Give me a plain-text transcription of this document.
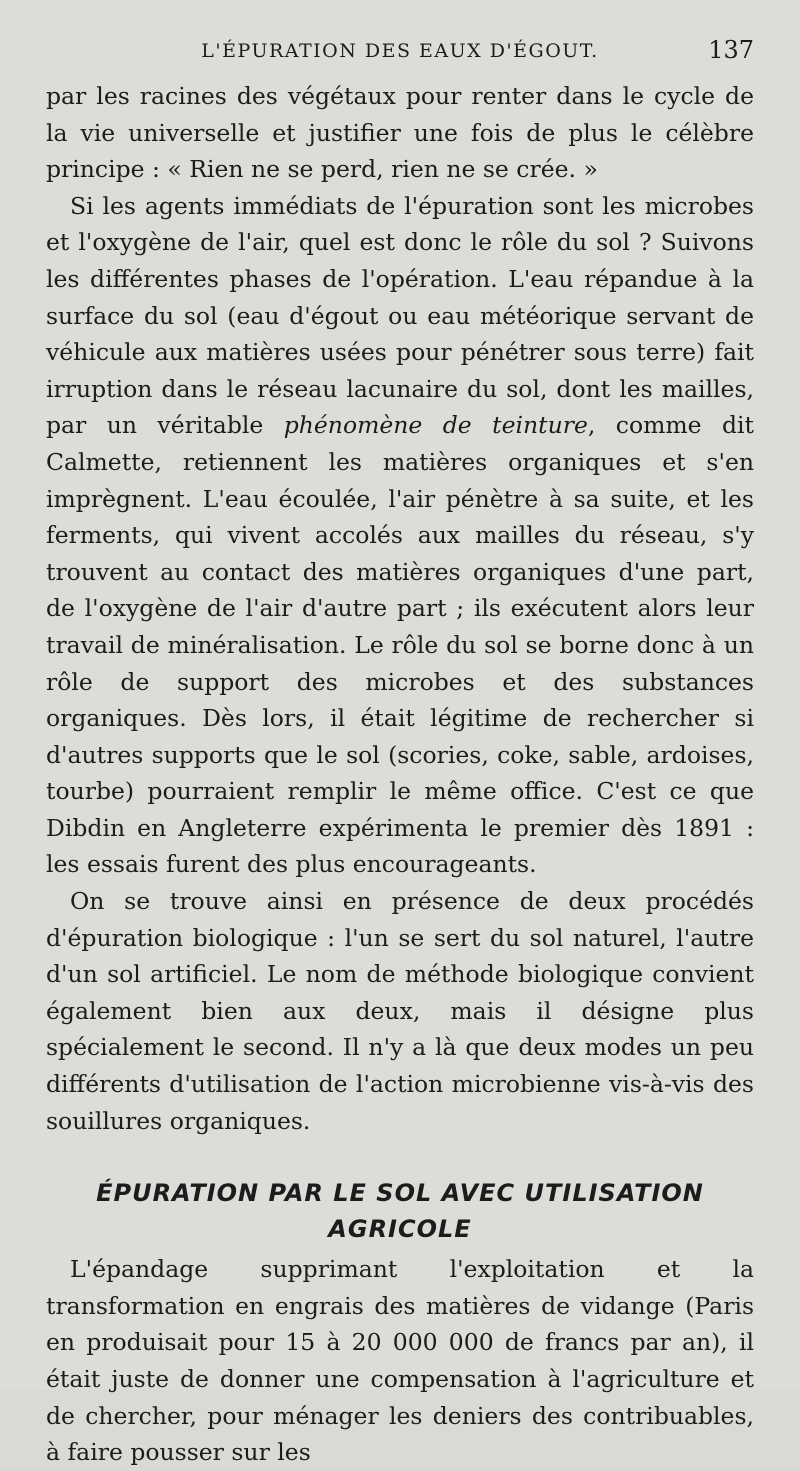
L'ÉPURATION DES EAUX D'ÉGOUT.	137

par les racines des végétaux pour renter dans le cycle de la vie universelle et justifier une fois de plus le célèbre principe : « Rien ne se perd, rien ne se crée. »

Si les agents immédiats de l'épuration sont les microbes et l'oxygène de l'air, quel est donc le rôle du sol ? Suivons les différentes phases de l'opération. L'eau répandue à la surface du sol (eau d'égout ou eau météorique servant de véhicule aux matières usées pour pénétrer sous terre) fait irruption dans le réseau lacunaire du sol, dont les mailles, par un véritable phénomène de teinture, comme dit Calmette, retiennent les matières organiques et s'en imprègnent. L'eau écoulée, l'air pénètre à sa suite, et les ferments, qui vivent accolés aux mailles du réseau, s'y trouvent au contact des matières organiques d'une part, de l'oxygène de l'air d'autre part ; ils exécutent alors leur travail de minéralisation. Le rôle du sol se borne donc à un rôle de support des microbes et des substances organiques. Dès lors, il était légitime de rechercher si d'autres supports que le sol (scories, coke, sable, ardoises, tourbe) pourraient remplir le même office. C'est ce que Dibdin en Angleterre expérimenta le premier dès 1891 : les essais furent des plus encourageants.

On se trouve ainsi en présence de deux procédés d'épuration biologique : l'un se sert du sol naturel, l'autre d'un sol artificiel. Le nom de méthode biologique convient également bien aux deux, mais il désigne plus spécialement le second. Il n'y a là que deux modes un peu différents d'utilisation de l'action microbienne vis-à-vis des souillures organiques.

ÉPURATION PAR LE SOL AVEC UTILISATION
AGRICOLE

L'épandage supprimant l'exploitation et la transformation en engrais des matières de vidange (Paris en produisait pour 15 à 20 000 000 de francs par an), il était juste de donner une compensation à l'agriculture et de chercher, pour ménager les deniers des contribuables, à faire pousser sur les
